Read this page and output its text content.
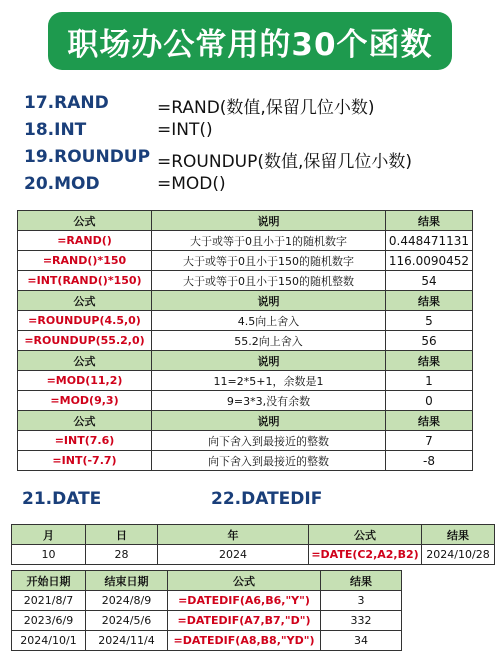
职场办公常用的30个函数
17.RAND	=RAND(数值,保留几位小数)
18.INT	=INT()
19.ROUNDUP =ROUNDUP(数值,保留几位小数)
20.MOD	=MOD()
公式	说明	结果
=RAND()	大于或等于0且小于1的随机数字	0.448471131
=RAND()*150	大于或等于0且小于150的随机数字	116.0090452
=INT(RAND()*150)	大于或等于0且小于150的随机整数	54
公式	说明	结果
=ROUNDUP(4.5,0)	4.5向上舍入	5
=ROUNDUP(55.2,0)	55.2向上舍入	56
公式	说明	结果
=MOD(11,2)	11=2*5+1，余数是1	1
=MOD(9,3)	9=3*3,没有余数	0
公式	说明	结果
=INT(7.6)	向下舍入到最接近的整数	7
=INT(-7.7)	向下舍入到最接近的整数	-8
21.DATE	22.DATEDIF
月	日	年	公式	结果
10	28	2024	=DATE(C2,A2,B2)	2024/10/28
开始日期	结束日期	公式	结果
2021/8/7	2024/8/9	=DATEDIF(A6,B6,"Y")	3
2023/6/9	2024/5/6	=DATEDIF(A7,B7,"D")	332
2024/10/1	2024/11/4	=DATEDIF(A8,B8,"YD")	34
